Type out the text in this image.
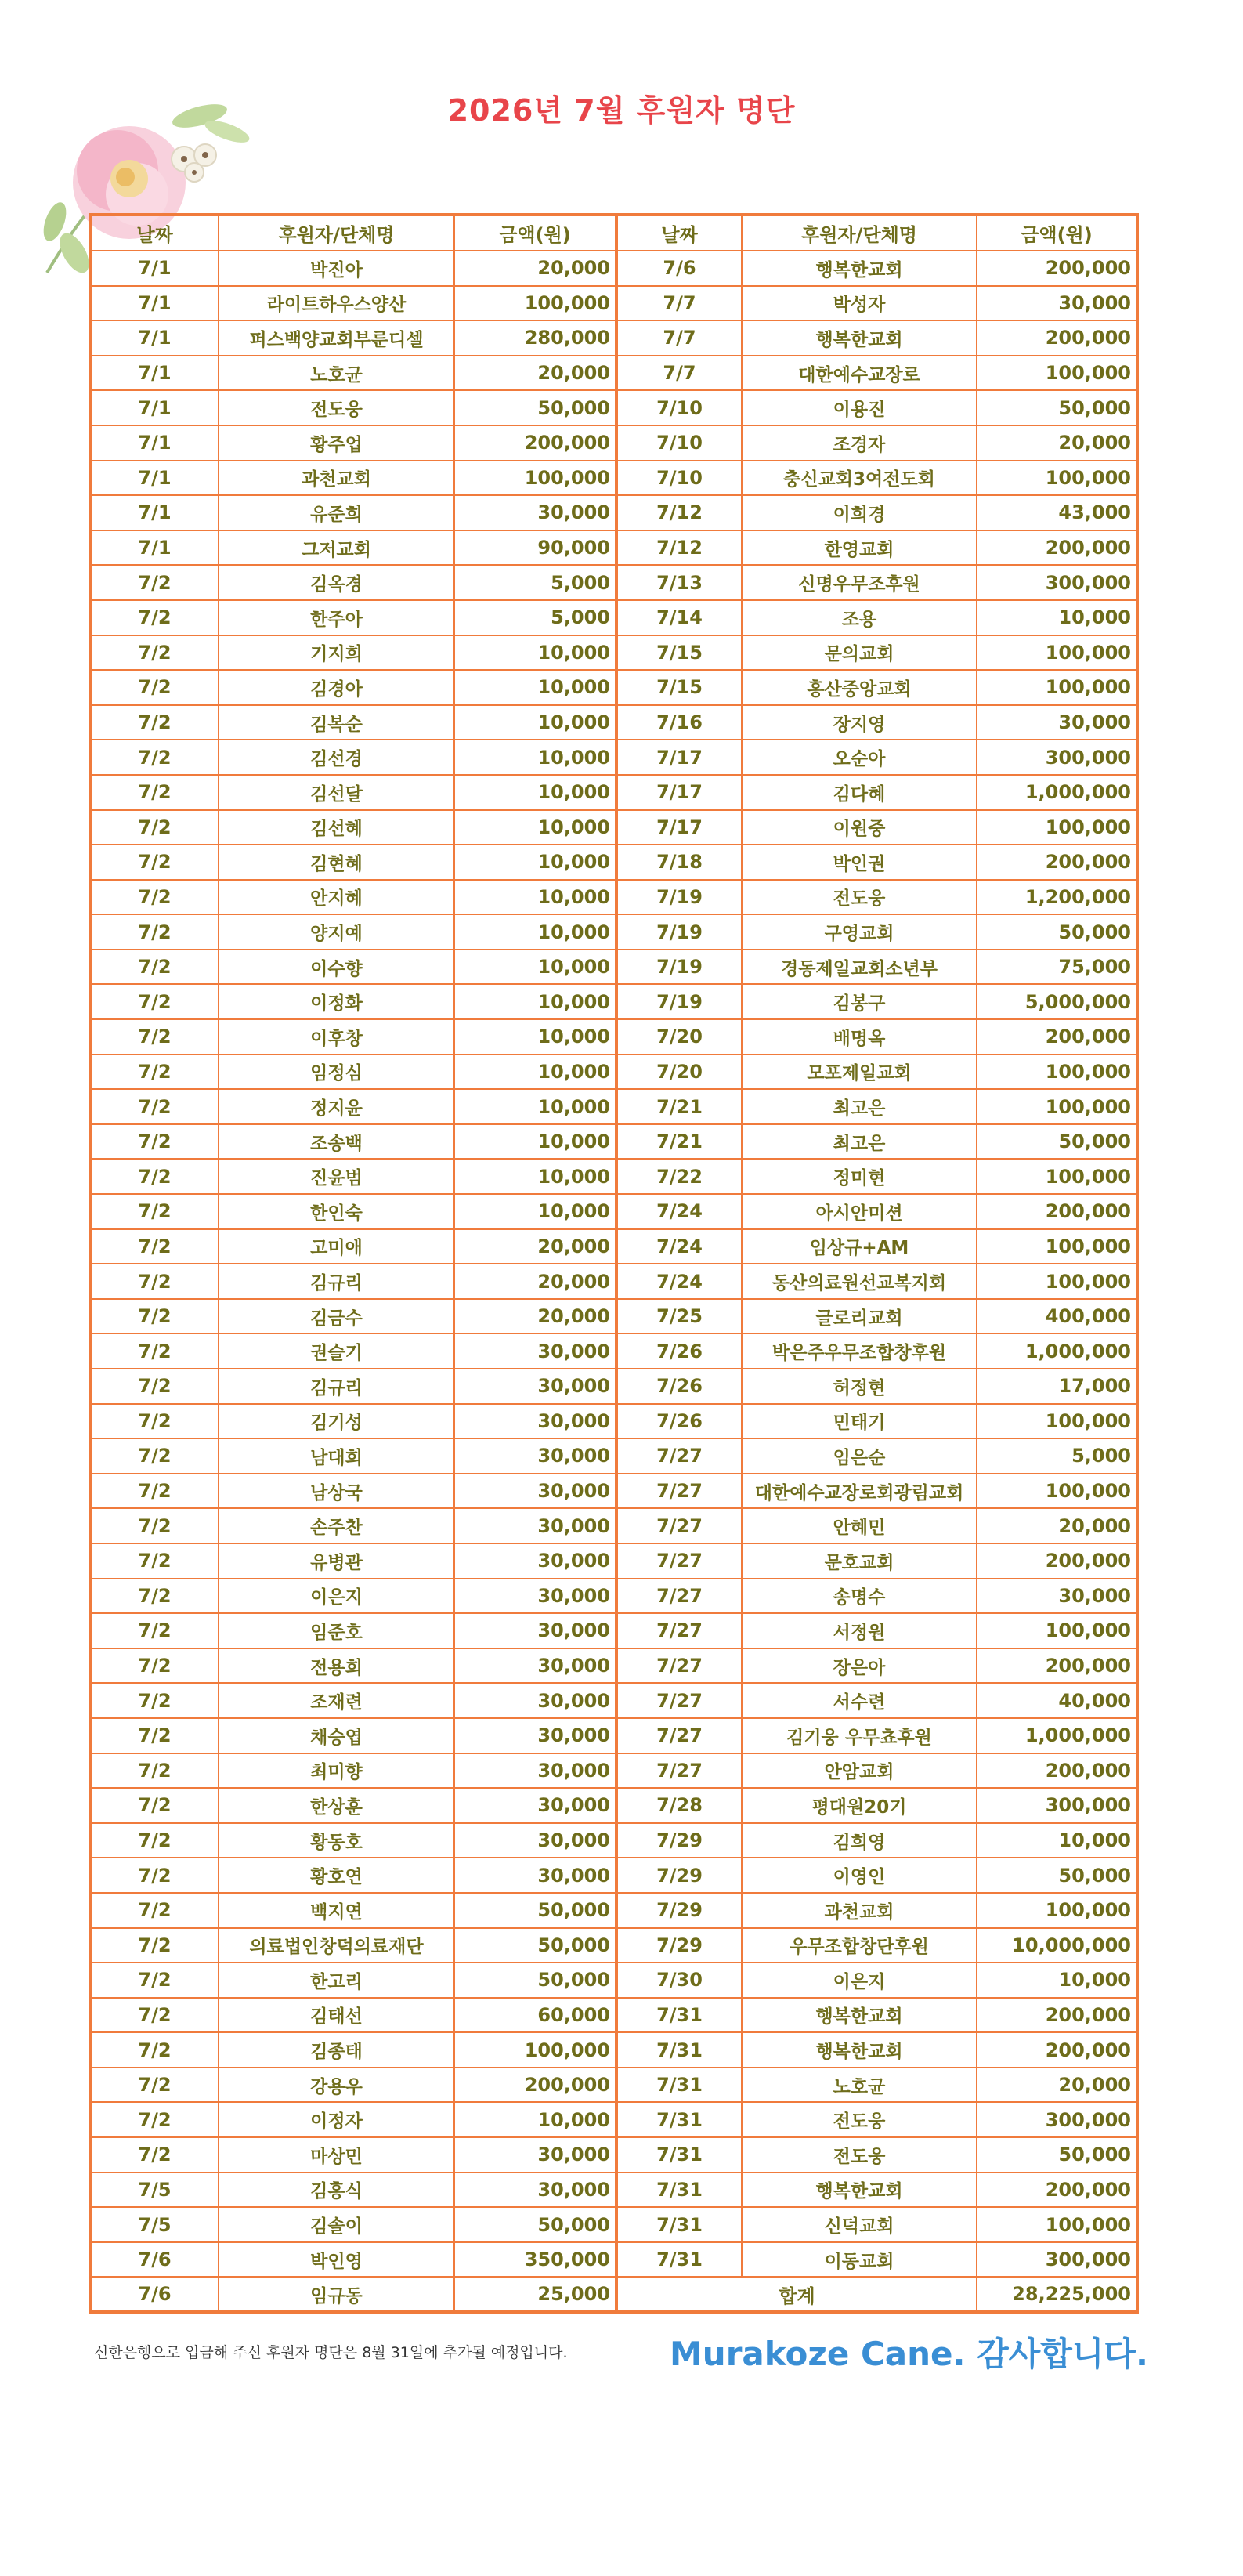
2026년 7월 후원자 명단
날짜	후원자/단체명	금액(원)	날짜	후원자/단체명	금액(원)
7/1	박진아	20,000	7/6	행복한교회	200,000
7/1	라이트하우스양산	100,000	7/7	박성자	30,000
7/1	퍼스백양교회부룬디셀	280,000	7/7	행복한교회	200,000
7/1	노호균	20,000	7/7	대한예수교장로	100,000
7/1	전도웅	50,000	7/10	이용진	50,000
7/1	황주업	200,000	7/10	조경자	20,000
7/1	과천교회	100,000	7/10	충신교회3여전도회	100,000
7/1	유준희	30,000	7/12	이희경	43,000
7/1	그저교회	90,000	7/12	한영교회	200,000
7/2	김옥경	5,000	7/13	신명우무조후원	300,000
7/2	한주아	5,000	7/14	조용	10,000
7/2	기지희	10,000	7/15	문의교회	100,000
7/2	김경아	10,000	7/15	홍산중앙교회	100,000
7/2	김복순	10,000	7/16	장지영	30,000
7/2	김선경	10,000	7/17	오순아	300,000
7/2	김선달	10,000	7/17	김다혜	1,000,000
7/2	김선혜	10,000	7/17	이원중	100,000
7/2	김현혜	10,000	7/18	박인권	200,000
7/2	안지혜	10,000	7/19	전도웅	1,200,000
7/2	양지예	10,000	7/19	구영교회	50,000
7/2	이수향	10,000	7/19	경동제일교회소년부	75,000
7/2	이정화	10,000	7/19	김봉구	5,000,000
7/2	이후창	10,000	7/20	배명옥	200,000
7/2	임정심	10,000	7/20	모포제일교회	100,000
7/2	정지윤	10,000	7/21	최고은	100,000
7/2	조송백	10,000	7/21	최고은	50,000
7/2	진윤범	10,000	7/22	정미현	100,000
7/2	한인숙	10,000	7/24	아시안미션	200,000
7/2	고미애	20,000	7/24	임상규+AM	100,000
7/2	김규리	20,000	7/24	동산의료원선교복지회	100,000
7/2	김금수	20,000	7/25	글로리교회	400,000
7/2	권슬기	30,000	7/26	박은주우무조합창후원	1,000,000
7/2	김규리	30,000	7/26	허정현	17,000
7/2	김기성	30,000	7/26	민태기	100,000
7/2	남대희	30,000	7/27	임은순	5,000
7/2	남상국	30,000	7/27	대한예수교장로회광림교회	100,000
7/2	손주찬	30,000	7/27	안혜민	20,000
7/2	유병관	30,000	7/27	문호교회	200,000
7/2	이은지	30,000	7/27	송명수	30,000
7/2	임준호	30,000	7/27	서정원	100,000
7/2	전용희	30,000	7/27	장은아	200,000
7/2	조재련	30,000	7/27	서수련	40,000
7/2	채승엽	30,000	7/27	김기웅 우무쵸후원	1,000,000
7/2	최미향	30,000	7/27	안암교회	200,000
7/2	한상훈	30,000	7/28	평대원20기	300,000
7/2	황동호	30,000	7/29	김희영	10,000
7/2	황호연	30,000	7/29	이영인	50,000
7/2	백지연	50,000	7/29	과천교회	100,000
7/2	의료법인창덕의료재단	50,000	7/29	우무조합창단후원	10,000,000
7/2	한고리	50,000	7/30	이은지	10,000
7/2	김태선	60,000	7/31	행복한교회	200,000
7/2	김종태	100,000	7/31	행복한교회	200,000
7/2	강용우	200,000	7/31	노호균	20,000
7/2	이정자	10,000	7/31	전도웅	300,000
7/2	마상민	30,000	7/31	전도웅	50,000
7/5	김홍식	30,000	7/31	행복한교회	200,000
7/5	김솔이	50,000	7/31	신덕교회	100,000
7/6	박인영	350,000	7/31	이동교회	300,000
7/6	임규동	25,000	합계		28,225,000
신한은행으로 입금해 주신 후원자 명단은 8월 31일에 추가될 예정입니다.	Murakoze Cane. 감사합니다.
